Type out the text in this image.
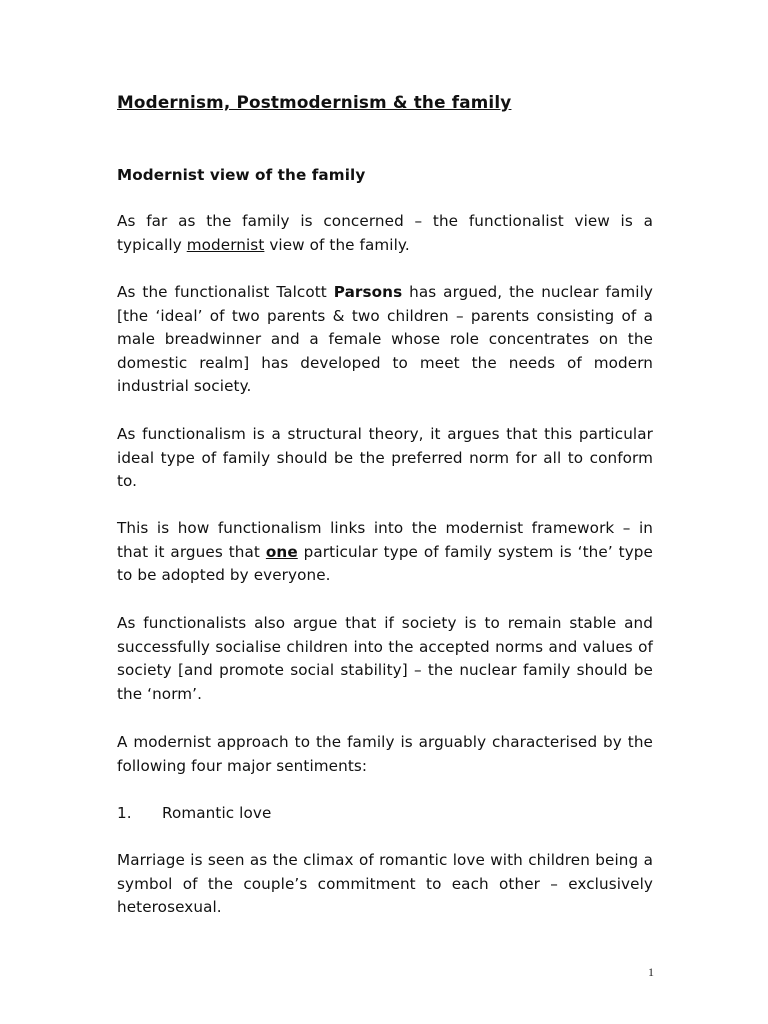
Modernism, Postmodernism & the family
Modernist view of the family
As far as the family is concerned – the functionalist view is a typically modernist view of the family.
As the functionalist Talcott Parsons has argued, the nuclear family [the ‘ideal’ of two parents & two children – parents consisting of a male breadwinner and a female whose role concentrates on the domestic realm] has developed to meet the needs of modern industrial society.
As functionalism is a structural theory, it argues that this particular ideal type of family should be the preferred norm for all to conform to.
This is how functionalism links into the modernist framework – in that it argues that one particular type of family system is ‘the’ type to be adopted by everyone.
As functionalists also argue that if society is to remain stable and successfully socialise children into the accepted norms and values of society [and promote social stability] – the nuclear family should be the ‘norm’.
A modernist approach to the family is arguably characterised by the following four major sentiments:
1.	Romantic love
Marriage is seen as the climax of romantic love with children being a symbol of the couple’s commitment to each other – exclusively heterosexual.
1
